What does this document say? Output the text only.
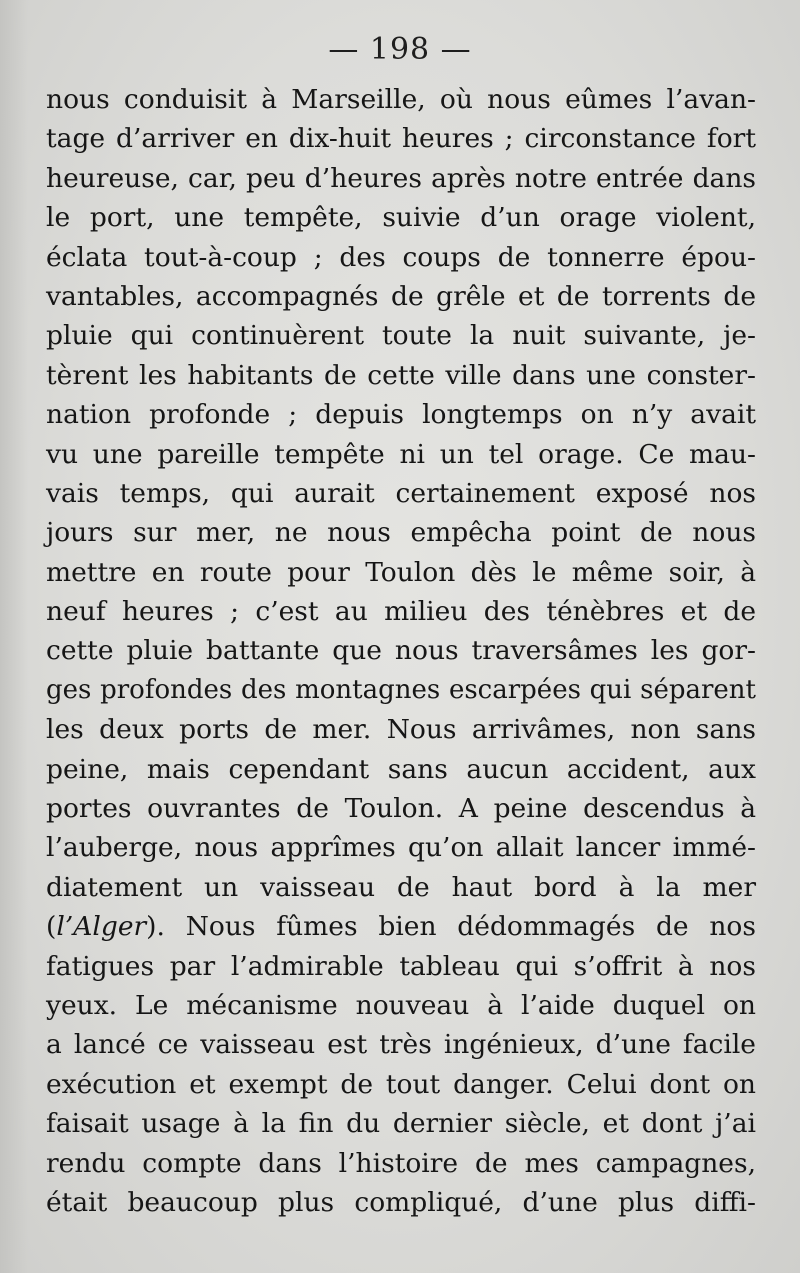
— 198 —
nous conduisit à Marseille, où nous eûmes l’avan-
tage d’arriver en dix-huit heures ; circonstance fort
heureuse, car, peu d’heures après notre entrée dans
le port, une tempête, suivie d’un orage violent,
éclata tout-à-coup ; des coups de tonnerre épou-
vantables, accompagnés de grêle et de torrents de
pluie qui continuèrent toute la nuit suivante, je-
tèrent les habitants de cette ville dans une conster-
nation profonde ; depuis longtemps on n’y avait
vu une pareille tempête ni un tel orage. Ce mau-
vais temps, qui aurait certainement exposé nos
jours sur mer, ne nous empêcha point de nous
mettre en route pour Toulon dès le même soir, à
neuf heures ; c’est au milieu des ténèbres et de
cette pluie battante que nous traversâmes les gor-
ges profondes des montagnes escarpées qui séparent
les deux ports de mer. Nous arrivâmes, non sans
peine, mais cependant sans aucun accident, aux
portes ouvrantes de Toulon. A peine descendus à
l’auberge, nous apprîmes qu’on allait lancer immé-
diatement un vaisseau de haut bord à la mer
(l’Alger). Nous fûmes bien dédommagés de nos
fatigues par l’admirable tableau qui s’offrit à nos
yeux. Le mécanisme nouveau à l’aide duquel on
a lancé ce vaisseau est très ingénieux, d’une facile
exécution et exempt de tout danger. Celui dont on
faisait usage à la fin du dernier siècle, et dont j’ai
rendu compte dans l’histoire de mes campagnes,
était beaucoup plus compliqué, d’une plus diffi-
